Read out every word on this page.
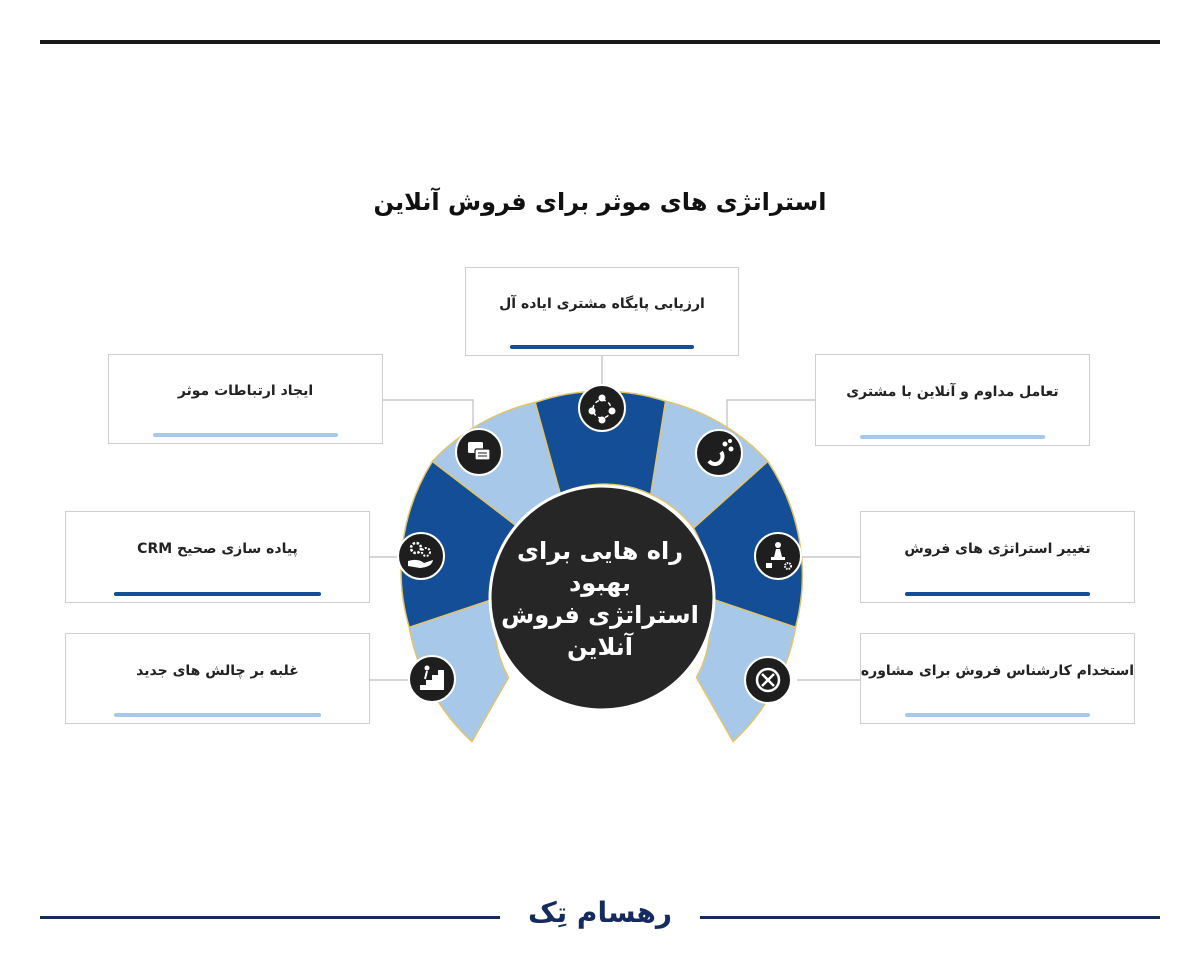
استراتژی های موثر برای فروش آنلاین
راه هایی برای بهبود
استراتژی فروش
آنلاین
ارزیابی پایگاه مشتری ایاده آل
ایجاد ارتباطات موثر	تعامل مداوم و آنلاین با مشتری
پیاده سازی صحیح CRM	تغییر استراتژی های فروش
غلبه بر چالش های جدید	استخدام کارشناس فروش برای مشاوره
رهسام تِک
